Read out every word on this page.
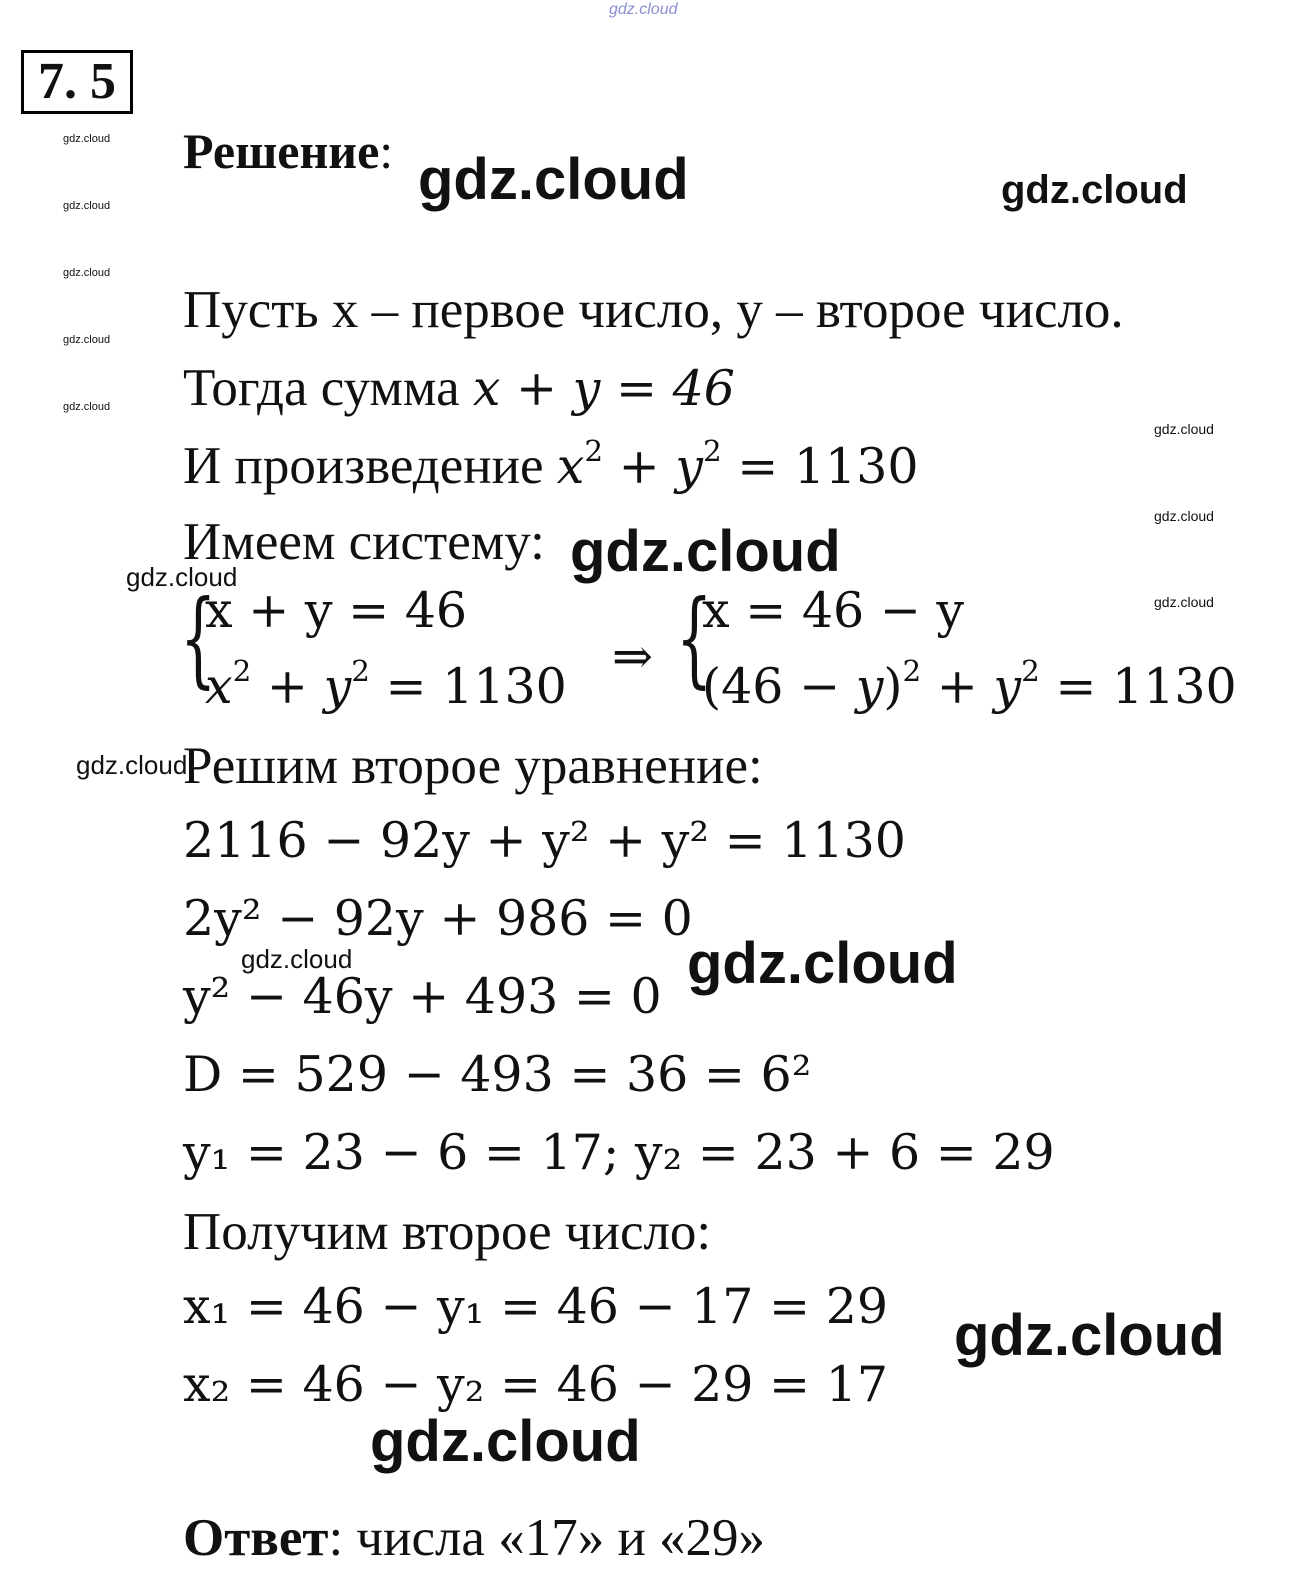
gdz.cloud
7. 5
gdz.cloud
gdz.cloud
gdz.cloud
gdz.cloud
gdz.cloud
gdz.cloud
gdz.cloud
gdz.cloud
Решение: gdz.cloud	gdz.cloud
Пусть x – первое число, y – второе число.
Тогда сумма x + y = 46
И произведение $x^2 + y^2 = 1130$
Имеем систему: gdz.cloud
gdz.cloud
{
x + y = 46
$x^2 + y^2 = 1130$
⇒ {
x = 46 − y
$(46 - y)^2 + y^2 = 1130$
gdz.cloud
Решим второе уравнение:
2116 − 92y + y² + y² = 1130
2y² − 92y + 986 = 0
gdz.cloud	gdz.cloud
y² − 46y + 493 = 0
D = 529 − 493 = 36 = 6²
y₁ = 23 − 6 = 17; y₂ = 23 + 6 = 29
Получим второе число:
x₁ = 46 − y₁ = 46 − 17 = 29 gdz.cloud
x₂ = 46 − y₂ = 46 − 29 = 17
gdz.cloud
Ответ: числа «17» и «29»
